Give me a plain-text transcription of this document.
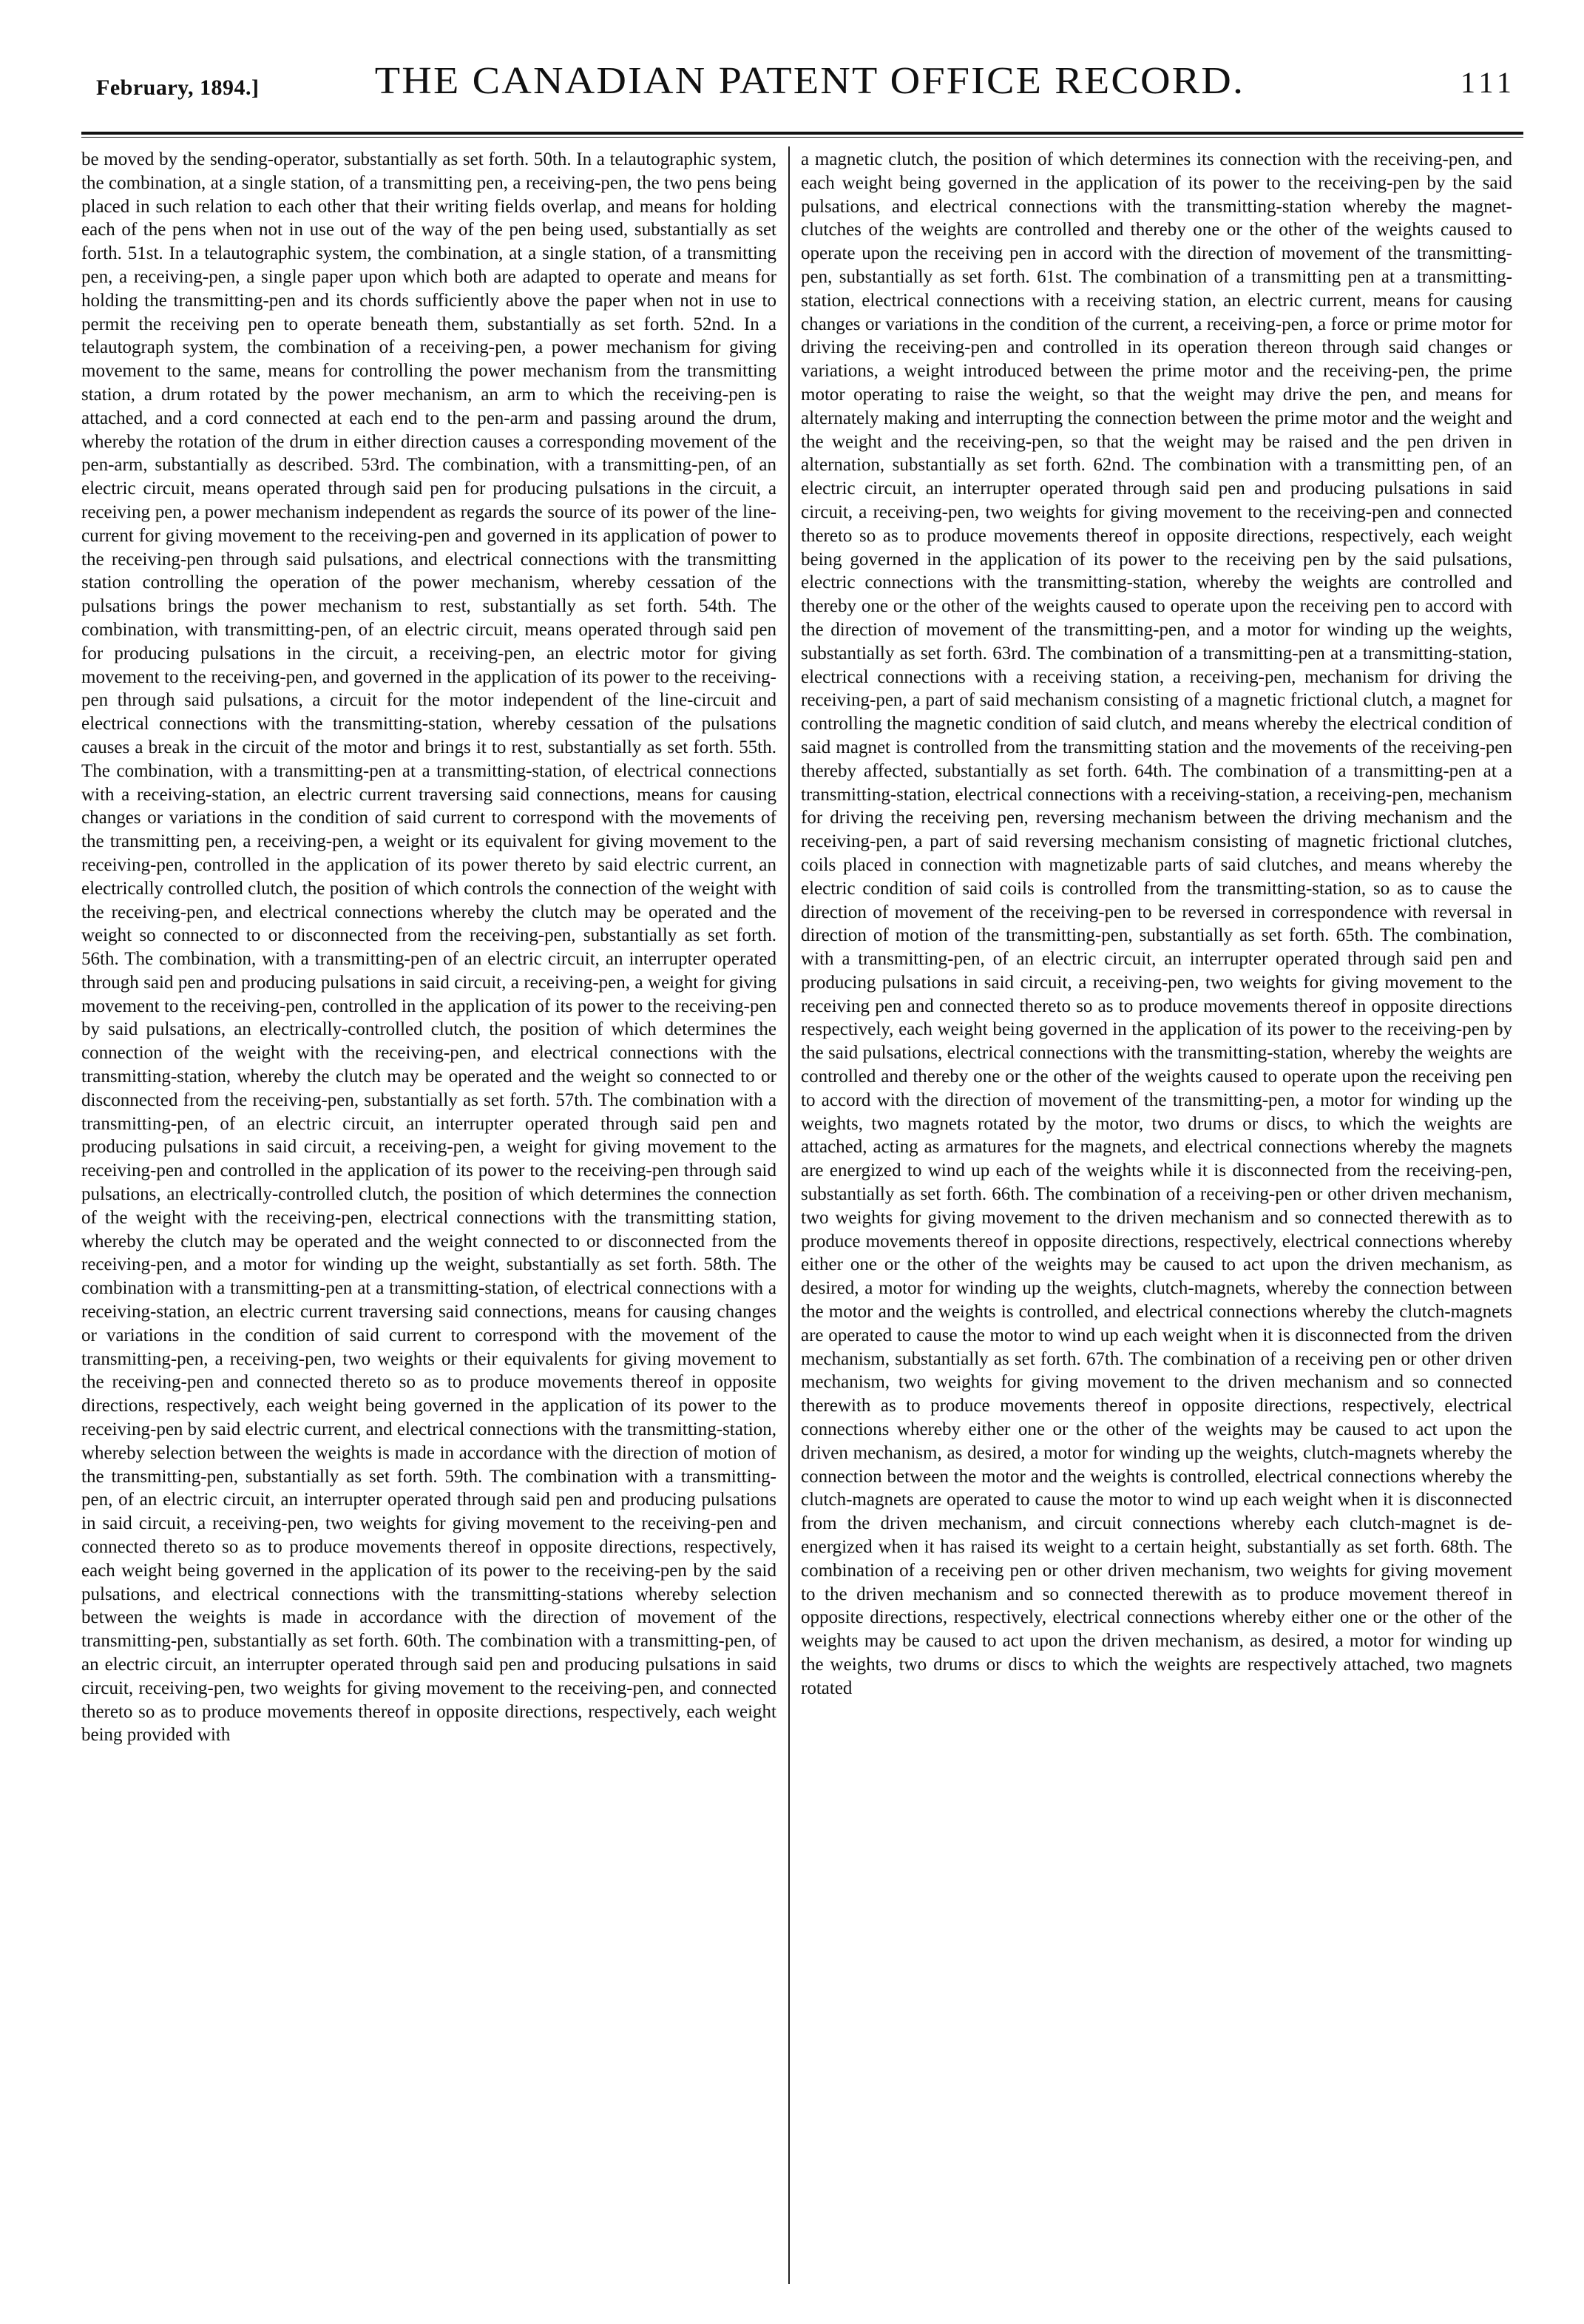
February, 1894.]	THE CANADIAN PATENT OFFICE RECORD.	111

be moved by the sending-operator, substantially as set forth. 50th. In a telautographic system, the combination, at a single station, of a transmitting pen, a receiving-pen, the two pens being placed in such relation to each other that their writing fields overlap, and means for holding each of the pens when not in use out of the way of the pen being used, substantially as set forth. 51st. In a telautographic system, the combination, at a single station, of a transmitting pen, a receiving-pen, a single paper upon which both are adapted to operate and means for holding the transmitting-pen and its chords sufficiently above the paper when not in use to permit the receiving pen to operate beneath them, substantially as set forth. 52nd. In a telautograph system, the combination of a receiving-pen, a power mechanism for giving movement to the same, means for controlling the power mechanism from the transmitting station, a drum rotated by the power mechanism, an arm to which the receiving-pen is attached, and a cord connected at each end to the pen-arm and passing around the drum, whereby the rotation of the drum in either direction causes a corresponding movement of the pen-arm, substantially as described. 53rd. The combination, with a transmitting-pen, of an electric circuit, means operated through said pen for producing pulsations in the circuit, a receiving pen, a power mechanism independent as regards the source of its power of the line-current for giving movement to the receiving-pen and governed in its application of power to the receiving-pen through said pulsations, and electrical connections with the transmitting station controlling the operation of the power mechanism, whereby cessation of the pulsations brings the power mechanism to rest, substantially as set forth. 54th. The combination, with transmitting-pen, of an electric circuit, means operated through said pen for producing pulsations in the circuit, a receiving-pen, an electric motor for giving movement to the receiving-pen, and governed in the application of its power to the receiving-pen through said pulsations, a circuit for the motor independent of the line-circuit and electrical connections with the transmitting-station, whereby cessation of the pulsations causes a break in the circuit of the motor and brings it to rest, substantially as set forth. 55th. The combination, with a transmitting-pen at a transmitting-station, of electrical connections with a receiving-station, an electric current traversing said connections, means for causing changes or variations in the condition of said current to correspond with the movements of the transmitting pen, a receiving-pen, a weight or its equivalent for giving movement to the receiving-pen, controlled in the application of its power thereto by said electric current, an electrically controlled clutch, the position of which controls the connection of the weight with the receiving-pen, and electrical connections whereby the clutch may be operated and the weight so connected to or disconnected from the receiving-pen, substantially as set forth. 56th. The combination, with a transmitting-pen of an electric circuit, an interrupter operated through said pen and producing pulsations in said circuit, a receiving-pen, a weight for giving movement to the receiving-pen, controlled in the application of its power to the receiving-pen by said pulsations, an electrically-controlled clutch, the position of which determines the connection of the weight with the receiving-pen, and electrical connections with the transmitting-station, whereby the clutch may be operated and the weight so connected to or disconnected from the receiving-pen, substantially as set forth. 57th. The combination with a transmitting-pen, of an electric circuit, an interrupter operated through said pen and producing pulsations in said circuit, a receiving-pen, a weight for giving movement to the receiving-pen and controlled in the application of its power to the receiving-pen through said pulsations, an electrically-controlled clutch, the position of which determines the connection of the weight with the receiving-pen, electrical connections with the transmitting station, whereby the clutch may be operated and the weight connected to or disconnected from the receiving-pen, and a motor for winding up the weight, substantially as set forth. 58th. The combination with a transmitting-pen at a transmitting-station, of electrical connections with a receiving-station, an electric current traversing said connections, means for causing changes or variations in the condition of said current to correspond with the movement of the transmitting-pen, a receiving-pen, two weights or their equivalents for giving movement to the receiving-pen and connected thereto so as to produce movements thereof in opposite directions, respectively, each weight being governed in the application of its power to the receiving-pen by said electric current, and electrical connections with the transmitting-station, whereby selection between the weights is made in accordance with the direction of motion of the transmitting-pen, substantially as set forth. 59th. The combination with a transmitting-pen, of an electric circuit, an interrupter operated through said pen and producing pulsations in said circuit, a receiving-pen, two weights for giving movement to the receiving-pen and connected thereto so as to produce movements thereof in opposite directions, respectively, each weight being governed in the application of its power to the receiving-pen by the said pulsations, and electrical connections with the transmitting-stations whereby selection between the weights is made in accordance with the direction of movement of the transmitting-pen, substantially as set forth. 60th. The combination with a transmitting-pen, of an electric circuit, an interrupter operated through said pen and producing pulsations in said circuit, receiving-pen, two weights for giving movement to the receiving-pen, and connected thereto so as to produce movements thereof in opposite directions, respectively, each weight being provided with

a magnetic clutch, the position of which determines its connection with the receiving-pen, and each weight being governed in the application of its power to the receiving-pen by the said pulsations, and electrical connections with the transmitting-station whereby the magnet-clutches of the weights are controlled and thereby one or the other of the weights caused to operate upon the receiving pen in accord with the direction of movement of the transmitting-pen, substantially as set forth. 61st. The combination of a transmitting pen at a transmitting-station, electrical connections with a receiving station, an electric current, means for causing changes or variations in the condition of the current, a receiving-pen, a force or prime motor for driving the receiving-pen and controlled in its operation thereon through said changes or variations, a weight introduced between the prime motor and the receiving-pen, the prime motor operating to raise the weight, so that the weight may drive the pen, and means for alternately making and interrupting the connection between the prime motor and the weight and the weight and the receiving-pen, so that the weight may be raised and the pen driven in alternation, substantially as set forth. 62nd. The combination with a transmitting pen, of an electric circuit, an interrupter operated through said pen and producing pulsations in said circuit, a receiving-pen, two weights for giving movement to the receiving-pen and connected thereto so as to produce movements thereof in opposite directions, respectively, each weight being governed in the application of its power to the receiving pen by the said pulsations, electric connections with the transmitting-station, whereby the weights are controlled and thereby one or the other of the weights caused to operate upon the receiving pen to accord with the direction of movement of the transmitting-pen, and a motor for winding up the weights, substantially as set forth. 63rd. The combination of a transmitting-pen at a transmitting-station, electrical connections with a receiving station, a receiving-pen, mechanism for driving the receiving-pen, a part of said mechanism consisting of a magnetic frictional clutch, a magnet for controlling the magnetic condition of said clutch, and means whereby the electrical condition of said magnet is controlled from the transmitting station and the movements of the receiving-pen thereby affected, substantially as set forth. 64th. The combination of a transmitting-pen at a transmitting-station, electrical connections with a receiving-station, a receiving-pen, mechanism for driving the receiving pen, reversing mechanism between the driving mechanism and the receiving-pen, a part of said reversing mechanism consisting of magnetic frictional clutches, coils placed in connection with magnetizable parts of said clutches, and means whereby the electric condition of said coils is controlled from the transmitting-station, so as to cause the direction of movement of the receiving-pen to be reversed in correspondence with reversal in direction of motion of the transmitting-pen, substantially as set forth. 65th. The combination, with a transmitting-pen, of an electric circuit, an interrupter operated through said pen and producing pulsations in said circuit, a receiving-pen, two weights for giving movement to the receiving pen and connected thereto so as to produce movements thereof in opposite directions respectively, each weight being governed in the application of its power to the receiving-pen by the said pulsations, electrical connections with the transmitting-station, whereby the weights are controlled and thereby one or the other of the weights caused to operate upon the receiving pen to accord with the direction of movement of the transmitting-pen, a motor for winding up the weights, two magnets rotated by the motor, two drums or discs, to which the weights are attached, acting as armatures for the magnets, and electrical connections whereby the magnets are energized to wind up each of the weights while it is disconnected from the receiving-pen, substantially as set forth. 66th. The combination of a receiving-pen or other driven mechanism, two weights for giving movement to the driven mechanism and so connected therewith as to produce movements thereof in opposite directions, respectively, electrical connections whereby either one or the other of the weights may be caused to act upon the driven mechanism, as desired, a motor for winding up the weights, clutch-magnets, whereby the connection between the motor and the weights is controlled, and electrical connections whereby the clutch-magnets are operated to cause the motor to wind up each weight when it is disconnected from the driven mechanism, substantially as set forth. 67th. The combination of a receiving pen or other driven mechanism, two weights for giving movement to the driven mechanism and so connected therewith as to produce movements thereof in opposite directions, respectively, electrical connections whereby either one or the other of the weights may be caused to act upon the driven mechanism, as desired, a motor for winding up the weights, clutch-magnets whereby the connection between the motor and the weights is controlled, electrical connections whereby the clutch-magnets are operated to cause the motor to wind up each weight when it is disconnected from the driven mechanism, and circuit connections whereby each clutch-magnet is de-energized when it has raised its weight to a certain height, substantially as set forth. 68th. The combination of a receiving pen or other driven mechanism, two weights for giving movement to the driven mechanism and so connected therewith as to produce movement thereof in opposite directions, respectively, electrical connections whereby either one or the other of the weights may be caused to act upon the driven mechanism, as desired, a motor for winding up the weights, two drums or discs to which the weights are respectively attached, two magnets rotated
